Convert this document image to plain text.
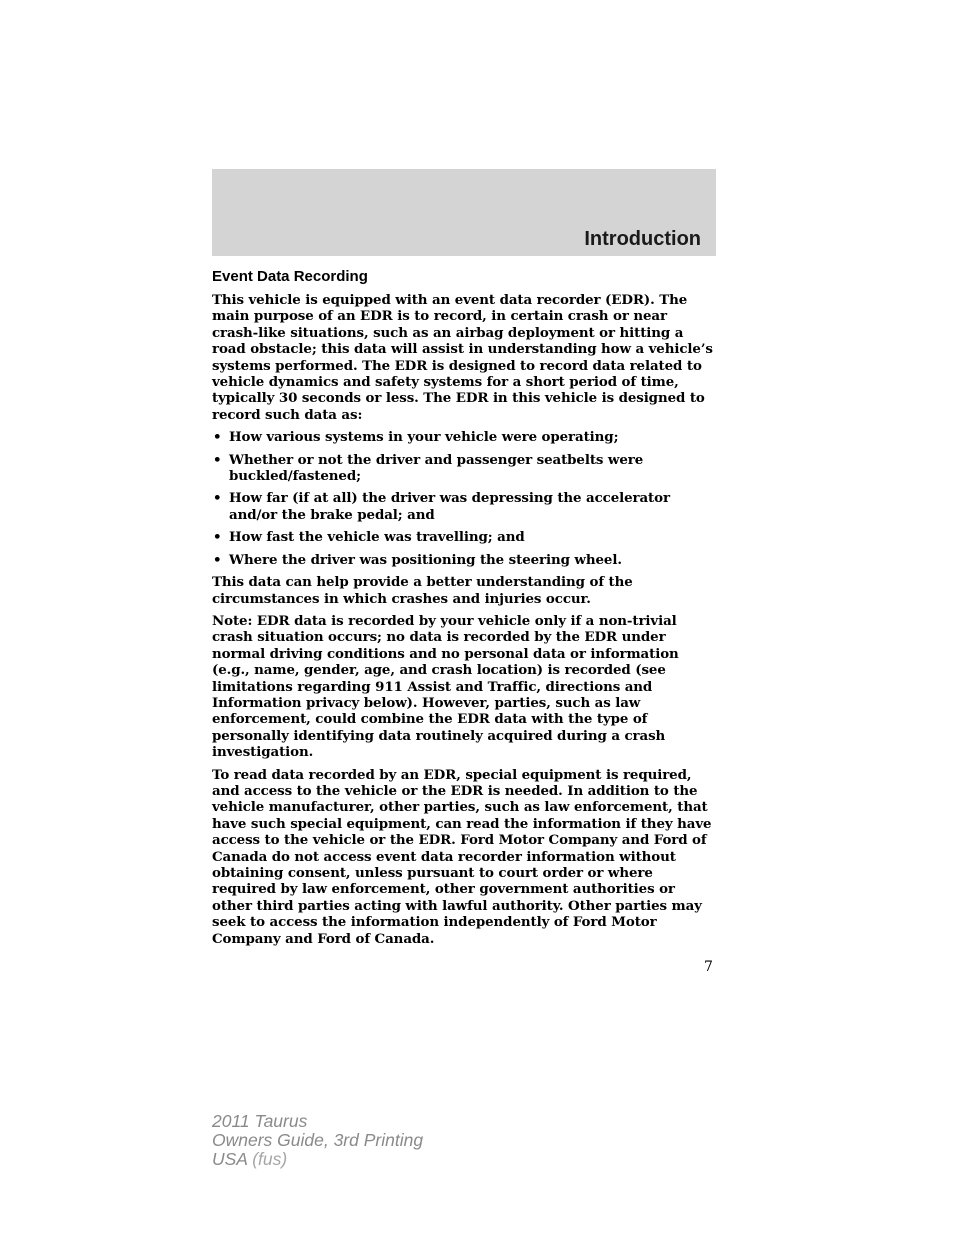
Introduction
Event Data Recording

This vehicle is equipped with an event data recorder (EDR). The main purpose of an EDR is to record, in certain crash or near crash-like situations, such as an airbag deployment or hitting a road obstacle; this data will assist in understanding how a vehicle’s systems performed. The EDR is designed to record data related to vehicle dynamics and safety systems for a short period of time, typically 30 seconds or less. The EDR in this vehicle is designed to record such data as:

• How various systems in your vehicle were operating;
• Whether or not the driver and passenger seatbelts were buckled/fastened;
• How far (if at all) the driver was depressing the accelerator and/or the brake pedal; and
• How fast the vehicle was travelling; and
• Where the driver was positioning the steering wheel.

This data can help provide a better understanding of the circumstances in which crashes and injuries occur.

Note: EDR data is recorded by your vehicle only if a non-trivial crash situation occurs; no data is recorded by the EDR under normal driving conditions and no personal data or information (e.g., name, gender, age, and crash location) is recorded (see limitations regarding 911 Assist and Traffic, directions and Information privacy below). However, parties, such as law enforcement, could combine the EDR data with the type of personally identifying data routinely acquired during a crash investigation.

To read data recorded by an EDR, special equipment is required, and access to the vehicle or the EDR is needed. In addition to the vehicle manufacturer, other parties, such as law enforcement, that have such special equipment, can read the information if they have access to the vehicle or the EDR. Ford Motor Company and Ford of Canada do not access event data recorder information without obtaining consent, unless pursuant to court order or where required by law enforcement, other government authorities or other third parties acting with lawful authority. Other parties may seek to access the information independently of Ford Motor Company and Ford of Canada.

7
2011 Taurus
Owners Guide, 3rd Printing
USA (fus)
